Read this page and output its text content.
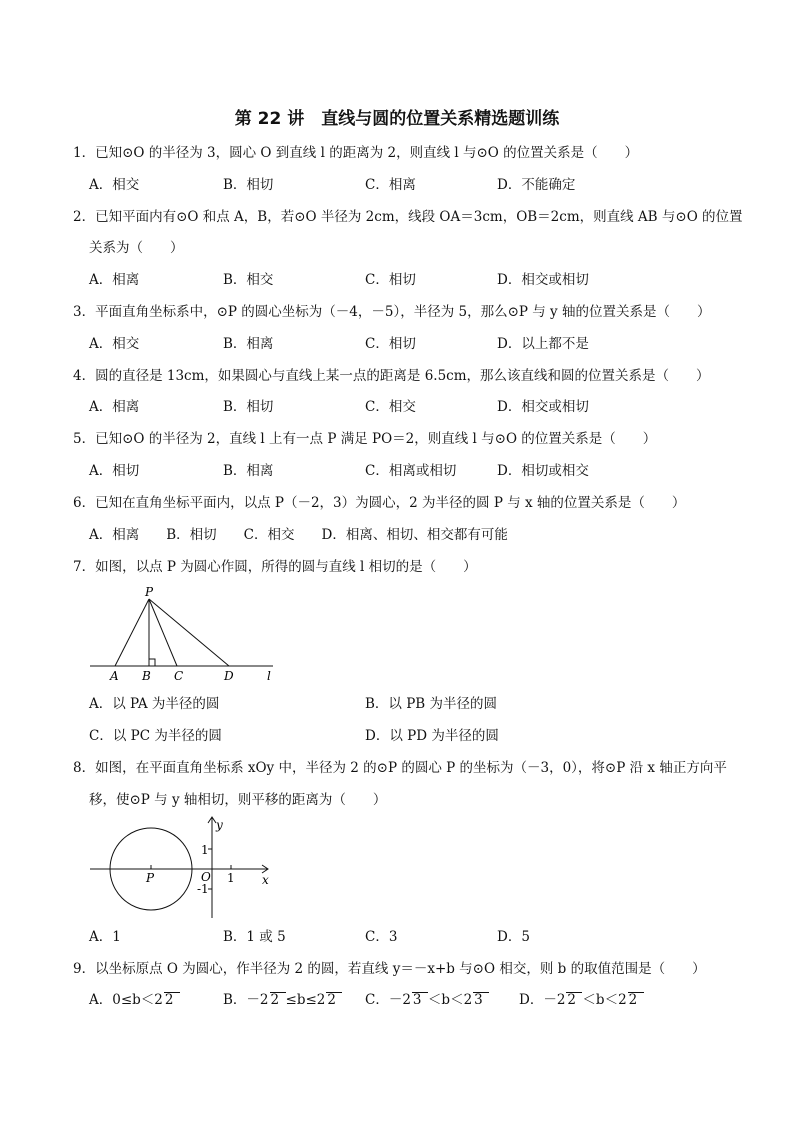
第 22 讲　直线与圆的位置关系精选题训练
1．已知⊙O 的半径为 3，圆心 O 到直线 l 的距离为 2，则直线 l 与⊙O 的位置关系是（　　）
A．相交	B．相切	C．相离	D．不能确定
2．已知平面内有⊙O 和点 A，B，若⊙O 半径为 2cm，线段 OA＝3cm，OB＝2cm，则直线 AB 与⊙O 的位置
关系为（　　）
A．相离	B．相交	C．相切	D．相交或相切
3．平面直角坐标系中，⊙P 的圆心坐标为（－4，－5），半径为 5，那么⊙P 与 y 轴的位置关系是（　　）
A．相交	B．相离	C．相切	D．以上都不是
4．圆的直径是 13cm，如果圆心与直线上某一点的距离是 6.5cm，那么该直线和圆的位置关系是（　　）
A．相离	B．相切	C．相交	D．相交或相切
5．已知⊙O 的半径为 2，直线 l 上有一点 P 满足 PO＝2，则直线 l 与⊙O 的位置关系是（　　）
A．相切	B．相离	C．相离或相切	D．相切或相交
6．已知在直角坐标平面内，以点 P（－2，3）为圆心，2 为半径的圆 P 与 x 轴的位置关系是（　　）
A．相离　　B．相切　　C．相交　　D．相离、相切、相交都有可能
7．如图，以点 P 为圆心作圆，所得的圆与直线 l 相切的是（　　）
P
A B C	D	l
A．以 PA 为半径的圆	B．以 PB 为半径的圆
C．以 PC 为半径的圆	D．以 PD 为半径的圆
8．如图，在平面直角坐标系 xOy 中，半径为 2 的⊙P 的圆心 P 的坐标为（－3，0），将⊙P 沿 x 轴正方向平
移，使⊙P 与 y 轴相切，则平移的距离为（　　）
y
x
O
P
1
-1
1
A．1	B．1 或 5	C．3	D．5
9．以坐标原点 O 为圆心，作半径为 2 的圆，若直线 y＝－x+b 与⊙O 相交，则 b 的取值范围是（　　）
A．0≤b＜2 2	B．－2 2 ≤b≤2 2	C．－2 3 ＜b＜2 3	D．－2 2 ＜b＜2 2
